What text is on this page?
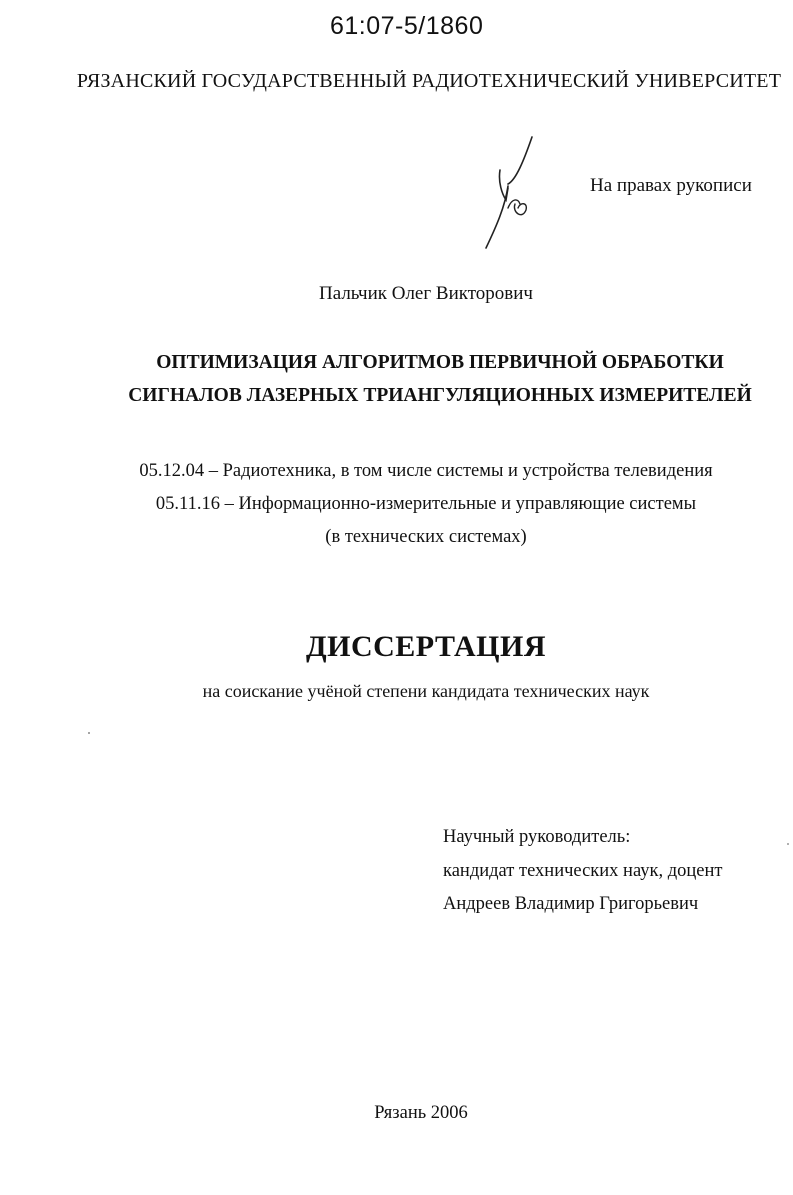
61:07-5/1860
РЯЗАНСКИЙ ГОСУДАРСТВЕННЫЙ РАДИОТЕХНИЧЕСКИЙ УНИВЕРСИТЕТ
На правах рукописи
Пальчик Олег Викторович
ОПТИМИЗАЦИЯ АЛГОРИТМОВ ПЕРВИЧНОЙ ОБРАБОТКИ
СИГНАЛОВ ЛАЗЕРНЫХ ТРИАНГУЛЯЦИОННЫХ ИЗМЕРИТЕЛЕЙ
05.12.04 – Радиотехника, в том числе системы и устройства телевидения
05.11.16 – Информационно-измерительные и управляющие системы
(в технических системах)
ДИССЕРТАЦИЯ
на соискание учёной степени кандидата технических наук
Научный руководитель:
кандидат технических наук, доцент
Андреев Владимир Григорьевич
Рязань 2006
